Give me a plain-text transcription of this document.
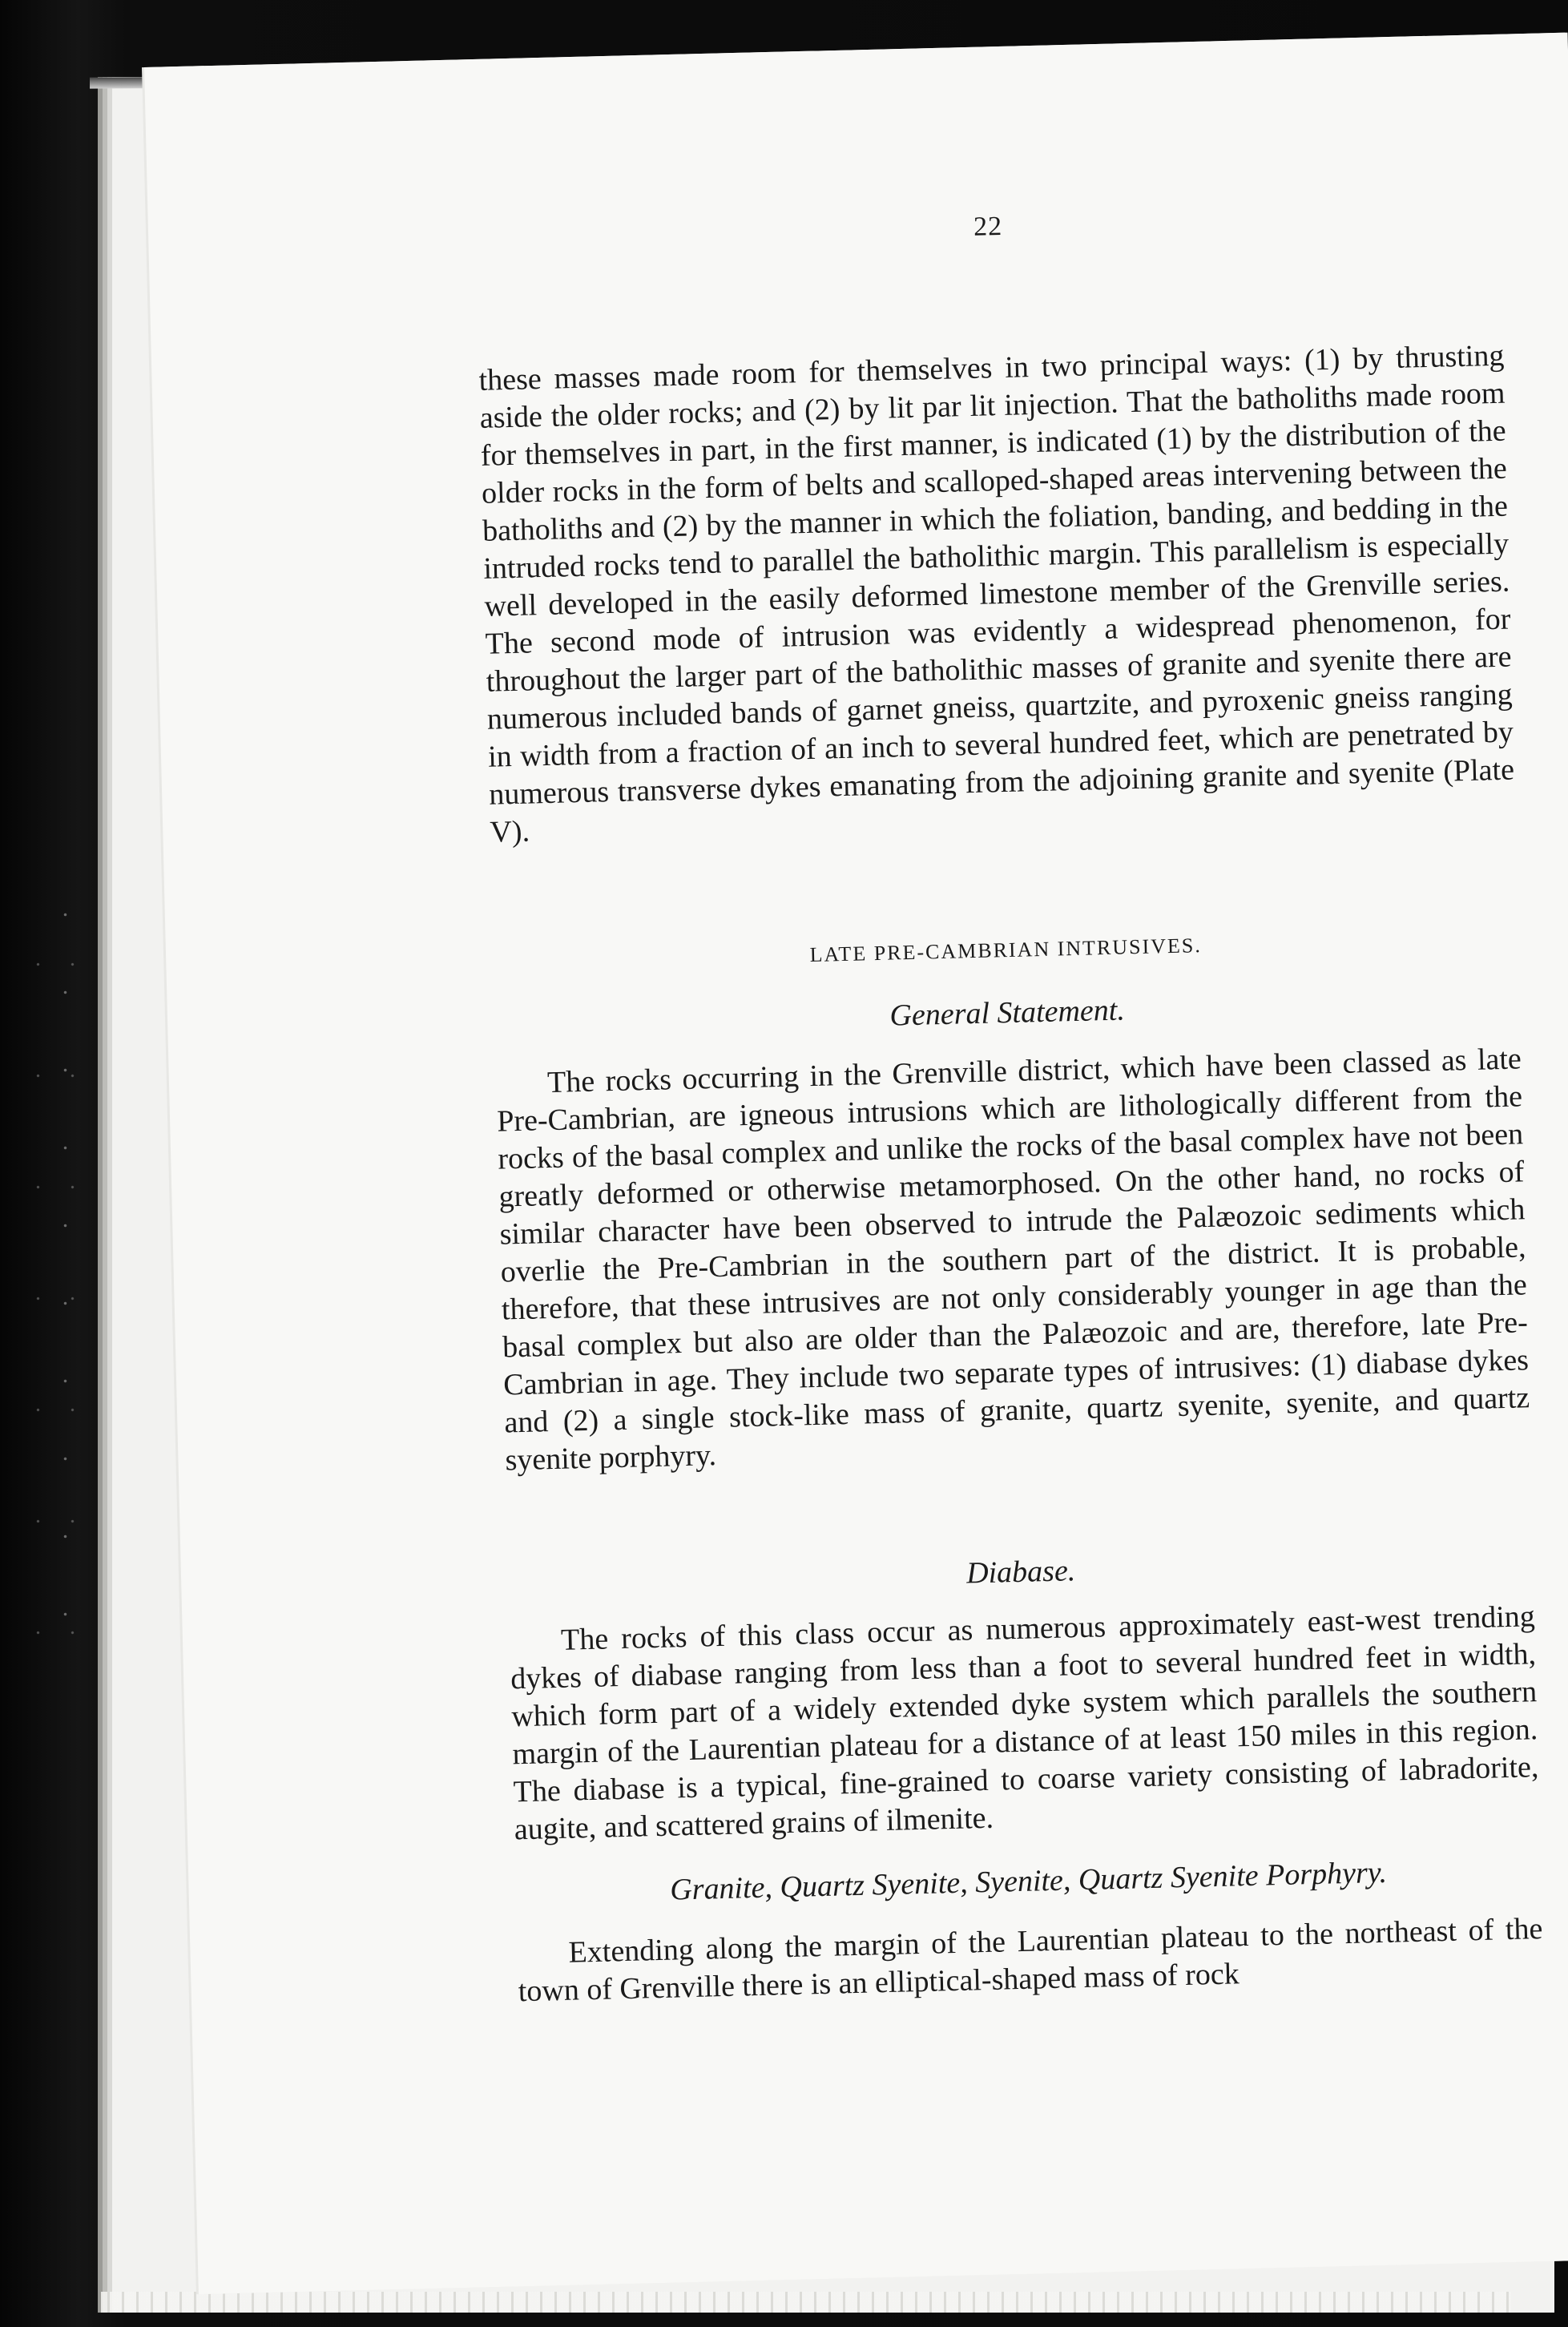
22
these masses made room for themselves in two principal ways: (1) by thrusting aside the older rocks; and (2) by lit par lit injection. That the batholiths made room for themselves in part, in the first manner, is indicated (1) by the distribution of the older rocks in the form of belts and scalloped-shaped areas intervening between the batholiths and (2) by the manner in which the foliation, banding, and bedding in the intruded rocks tend to parallel the batholithic margin. This parallelism is especially well developed in the easily deformed limestone member of the Grenville series. The second mode of intrusion was evidently a widespread phenomenon, for throughout the larger part of the batholithic masses of granite and syenite there are numerous included bands of garnet gneiss, quartzite, and pyroxenic gneiss ranging in width from a fraction of an inch to several hundred feet, which are penetrated by numerous transverse dykes emanating from the adjoining granite and syenite (Plate V).
LATE PRE-CAMBRIAN INTRUSIVES.
General Statement.
The rocks occurring in the Grenville district, which have been classed as late Pre-Cambrian, are igneous intrusions which are lithologically different from the rocks of the basal complex and unlike the rocks of the basal complex have not been greatly deformed or otherwise metamorphosed. On the other hand, no rocks of similar character have been observed to intrude the Palæozoic sediments which overlie the Pre-Cambrian in the southern part of the district. It is probable, therefore, that these intrusives are not only considerably younger in age than the basal complex but also are older than the Palæozoic and are, therefore, late Pre-Cambrian in age. They include two separate types of intrusives: (1) diabase dykes and (2) a single stock-like mass of granite, quartz syenite, syenite, and quartz syenite porphyry.
Diabase.
The rocks of this class occur as numerous approximately east-west trending dykes of diabase ranging from less than a foot to several hundred feet in width, which form part of a widely extended dyke system which parallels the southern margin of the Laurentian plateau for a distance of at least 150 miles in this region. The diabase is a typical, fine-grained to coarse variety consisting of labradorite, augite, and scattered grains of ilmenite.
Granite, Quartz Syenite, Syenite, Quartz Syenite Porphyry.
Extending along the margin of the Laurentian plateau to the northeast of the town of Grenville there is an elliptical-shaped mass of rock
